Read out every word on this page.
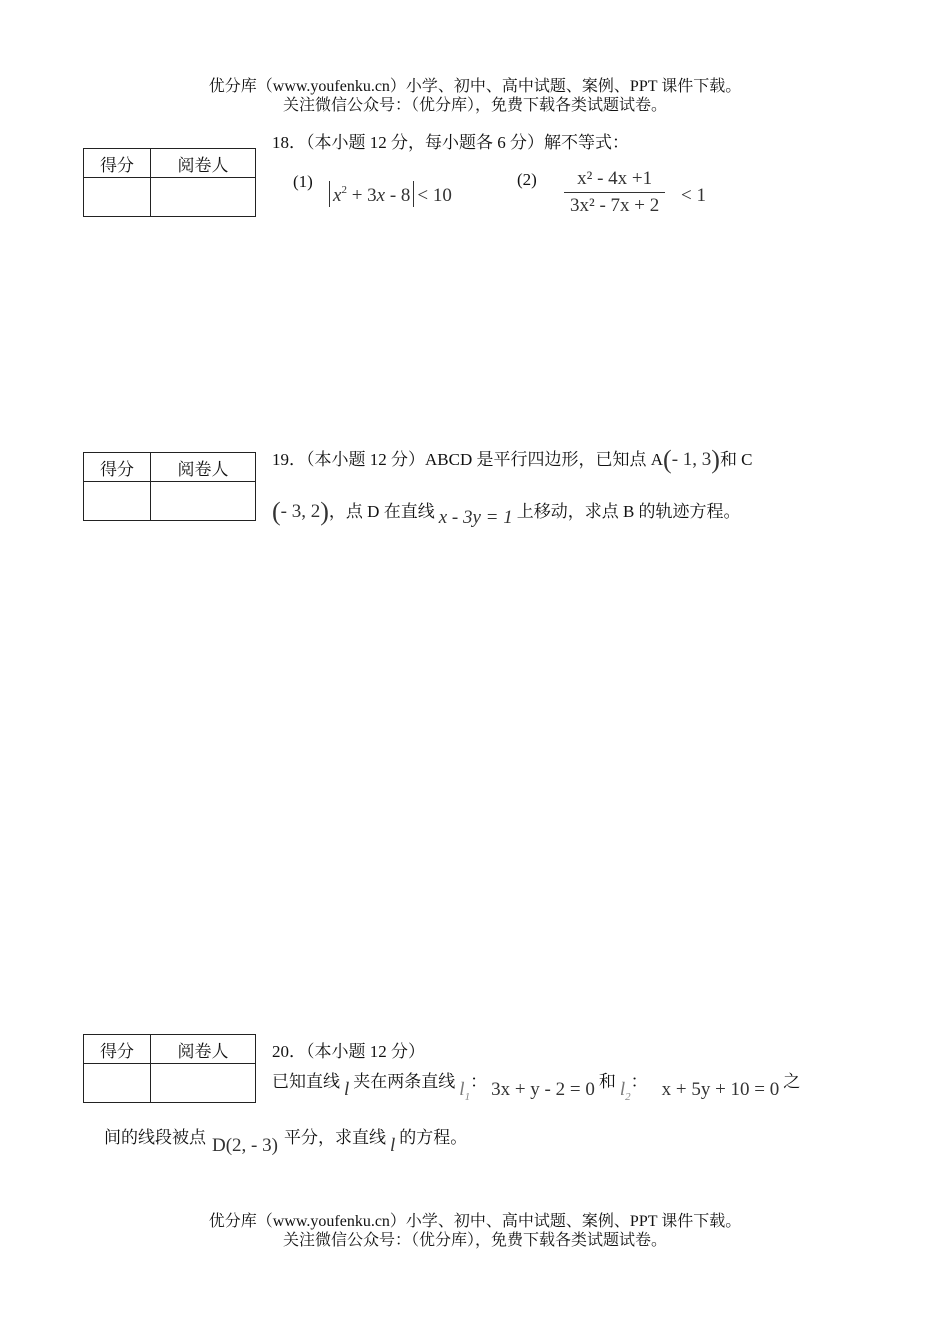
优分库（www.youfenku.cn）小学、初中、高中试题、案例、PPT 课件下载。
关注微信公众号：（优分库），免费下载各类试题试卷。
得分	阅卷人

18．（本小题 12 分，每小题各 6 分）解不等式：
(1)
$x^2 + 3x - 8 < 10$
$(2) \frac{\text{x² - 4x +1}}{\text{3x² - 7x + 2}} < 1$
得分	阅卷人
		19．（本小题 12 分）ABCD 是平行四边形，已知点 A(- 1, 3)和 C
(- 3, 2)，点 D 在直线 x - 3y = 1 上移动，求点 B 的轨迹方程。
得分	阅卷人
		20．（本小题 12 分）
已知直线 l 夹在两条直线 $l_1$： 3x + y - 2 = 0 和 $l_2$： x + 5y + 10 = 0 之
间的线段被点 D(2, - 3) 平分，求直线 l 的方程。
优分库（www.youfenku.cn）小学、初中、高中试题、案例、PPT 课件下载。
关注微信公众号：（优分库），免费下载各类试题试卷。
